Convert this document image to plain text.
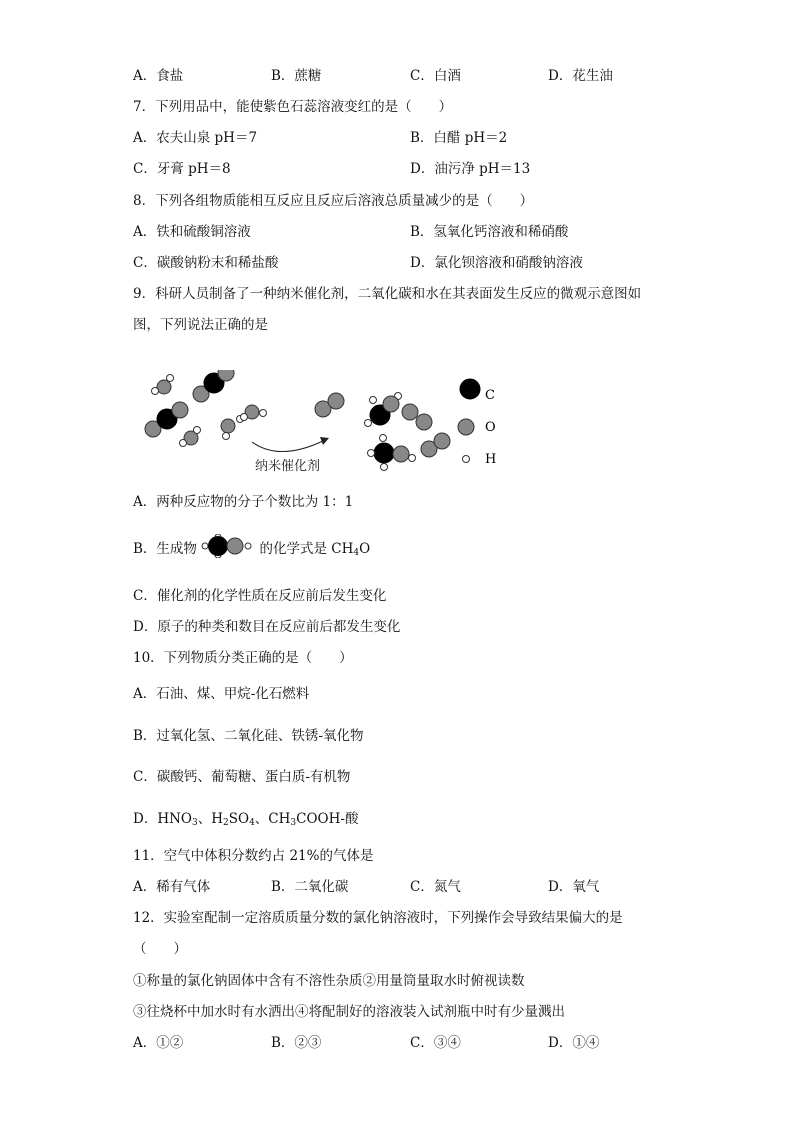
A．食盐	B．蔗糖	C．白酒	D．花生油
7．下列用品中，能使紫色石蕊溶液变红的是（　　）
A．农夫山泉 pH＝7	B．白醋 pH＝2
C．牙膏 pH＝8	D．油污净 pH＝13
8．下列各组物质能相互反应且反应后溶液总质量减少的是（　　）
A．铁和硫酸铜溶液	B．氢氧化钙溶液和稀硝酸
C．碳酸钠粉末和稀盐酸	D．氯化钡溶液和硝酸钠溶液
9．科研人员制备了一种纳米催化剂，二氧化碳和水在其表面发生反应的微观示意图如
图，下列说法正确的是
纳米催化剂
C
O
H
A．两种反应物的分子个数比为 1：1
B．生成物	的化学式是 $CH_4O$
C．催化剂的化学性质在反应前后发生变化
D．原子的种类和数目在反应前后都发生变化
10．下列物质分类正确的是（　　）
A．石油、煤、甲烷-化石燃料
B．过氧化氢、二氧化硅、铁锈-氧化物
C．碳酸钙、葡萄糖、蛋白质-有机物
D．$HNO_3$、$H_2SO_4$、$CH_3COOH-$酸
11．空气中体积分数约占 21%的气体是
A．稀有气体	B．二氧化碳	C．氮气	D．氧气
12．实验室配制一定溶质质量分数的氯化钠溶液时，下列操作会导致结果偏大的是
（　　）
①称量的氯化钠固体中含有不溶性杂质②用量筒量取水时俯视读数
③往烧杯中加水时有水洒出④将配制好的溶液装入试剂瓶中时有少量溅出
A．①②	B．②③	C．③④	D．①④
